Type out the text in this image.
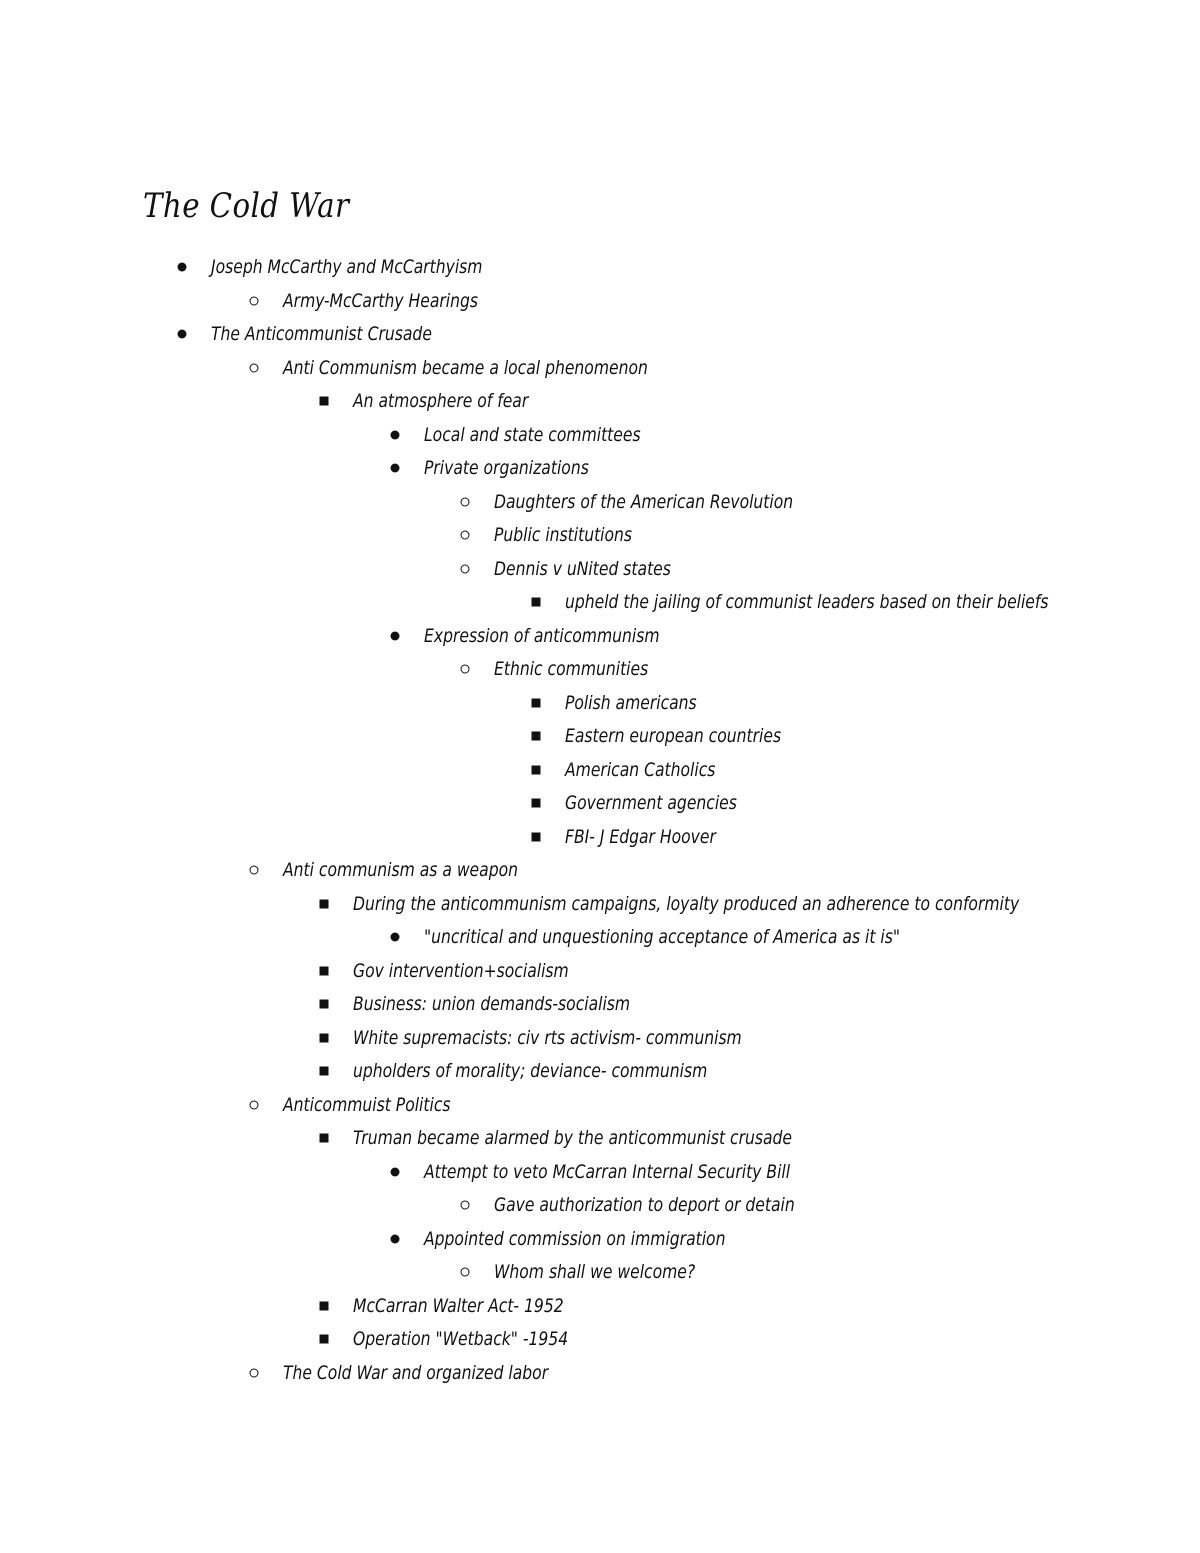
The Cold War
Joseph McCarthy and McCarthyism
Army-McCarthy Hearings
The Anticommunist Crusade
Anti Communism became a local phenomenon
An atmosphere of fear
Local and state committees
Private organizations
Daughters of the American Revolution
Public institutions
Dennis v uNited states
upheld the jailing of communist leaders based on their beliefs
Expression of anticommunism
Ethnic communities
Polish americans
Eastern european countries
American Catholics
Government agencies
FBI- J Edgar Hoover
Anti communism as a weapon
During the anticommunism campaigns, loyalty produced an adherence to conformity
"uncritical and unquestioning acceptance of America as it is"
Gov intervention+socialism
Business: union demands-socialism
White supremacists: civ rts activism- communism
upholders of morality; deviance- communism
Anticommuist Politics
Truman became alarmed by the anticommunist crusade
Attempt to veto McCarran Internal Security Bill
Gave authorization to deport or detain
Appointed commission on immigration
Whom shall we welcome?
McCarran Walter Act- 1952
Operation "Wetback" -1954
The Cold War and organized labor
